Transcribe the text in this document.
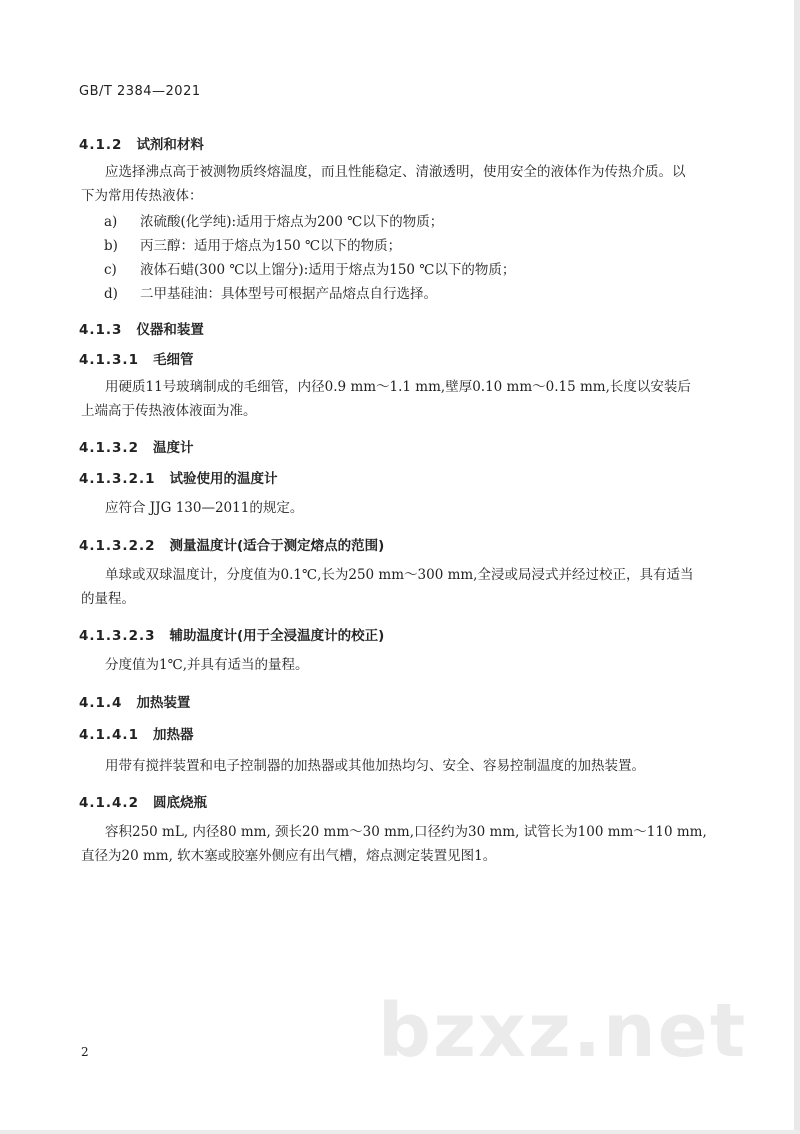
GB/T 2384—2021
4.1.2 试剂和材料
应选择沸点高于被测物质终熔温度，而且性能稳定、清澈透明，使用安全的液体作为传热介质。以
下为常用传热液体：
a) 浓硫酸(化学纯):适用于熔点为200 ℃以下的物质；
b) 丙三醇：适用于熔点为150 ℃以下的物质；
c) 液体石蜡(300 ℃以上馏分):适用于熔点为150 ℃以下的物质；
d) 二甲基硅油：具体型号可根据产品熔点自行选择。
4.1.3 仪器和装置
4.1.3.1 毛细管
用硬质11号玻璃制成的毛细管，内径0.9 mm～1.1 mm,壁厚0.10 mm～0.15 mm,长度以安装后
上端高于传热液体液面为准。
4.1.3.2 温度计
4.1.3.2.1 试验使用的温度计
应符合 JJG 130—2011的规定。
4.1.3.2.2 测量温度计(适合于测定熔点的范围)
单球或双球温度计，分度值为0.1℃,长为250 mm～300 mm,全浸或局浸式并经过校正，具有适当
的量程。
4.1.3.2.3 辅助温度计(用于全浸温度计的校正)
分度值为1℃,并具有适当的量程。
4.1.4 加热装置
4.1.4.1 加热器
用带有搅拌装置和电子控制器的加热器或其他加热均匀、安全、容易控制温度的加热装置。
4.1.4.2 圆底烧瓶
容积250 mL, 内径80 mm, 颈长20 mm～30 mm,口径约为30 mm, 试管长为100 mm～110 mm,
直径为20 mm, 软木塞或胶塞外侧应有出气槽，熔点测定装置见图1。
bzxz.net
2
